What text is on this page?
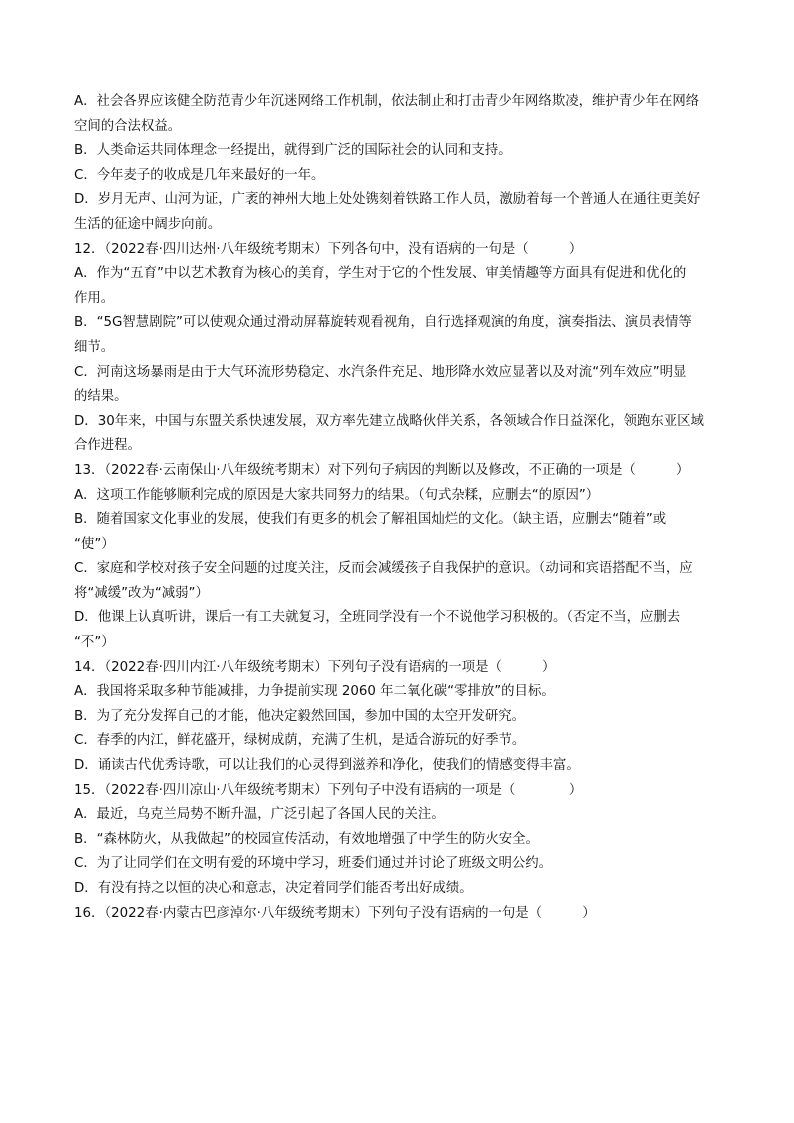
A．社会各界应该健全防范青少年沉迷网络工作机制，依法制止和打击青少年网络欺凌，维护青少年在网络
空间的合法权益。
B．人类命运共同体理念一经提出，就得到广泛的国际社会的认同和支持。
C．今年麦子的收成是几年来最好的一年。
D．岁月无声、山河为证，广袤的神州大地上处处镌刻着铁路工作人员，激励着每一个普通人在通往更美好
生活的征途中阔步向前。
12．（2022春·四川达州·八年级统考期末）下列各句中，没有语病的一句是（　　　）
A．作为“五育”中以艺术教育为核心的美育，学生对于它的个性发展、审美情趣等方面具有促进和优化的
作用。
B．“5G智慧剧院”可以使观众通过滑动屏幕旋转观看视角，自行选择观演的角度，演奏指法、演员表情等
细节。
C．河南这场暴雨是由于大气环流形势稳定、水汽条件充足、地形降水效应显著以及对流“列车效应”明显
的结果。
D．30年来，中国与东盟关系快速发展，双方率先建立战略伙伴关系，各领域合作日益深化，领跑东亚区域
合作进程。
13．（2022春·云南保山·八年级统考期末）对下列句子病因的判断以及修改，不正确的一项是（　　　）
A．这项工作能够顺利完成的原因是大家共同努力的结果。（句式杂糅，应删去“的原因”）
B．随着国家文化事业的发展，使我们有更多的机会了解祖国灿烂的文化。（缺主语，应删去“随着”或
“使”）
C．家庭和学校对孩子安全问题的过度关注，反而会减缓孩子自我保护的意识。（动词和宾语搭配不当，应
将“减缓”改为“减弱”）
D．他课上认真听讲，课后一有工夫就复习，全班同学没有一个不说他学习积极的。（否定不当，应删去
“不”）
14．（2022春·四川内江·八年级统考期末）下列句子没有语病的一项是（　　　）
A．我国将采取多种节能减排，力争提前实现 2060 年二氧化碳“零排放”的目标。
B．为了充分发挥自己的才能，他决定毅然回国，参加中国的太空开发研究。
C．春季的内江，鲜花盛开，绿树成荫，充满了生机，是适合游玩的好季节。
D．诵读古代优秀诗歌，可以让我们的心灵得到滋养和净化，使我们的情感变得丰富。
15．（2022春·四川凉山·八年级统考期末）下列句子中没有语病的一项是（　　　　）
A．最近，乌克兰局势不断升温，广泛引起了各国人民的关注。
B．“森林防火，从我做起”的校园宣传活动，有效地增强了中学生的防火安全。
C．为了让同学们在文明有爱的环境中学习，班委们通过并讨论了班级文明公约。
D．有没有持之以恒的决心和意志，决定着同学们能否考出好成绩。
16．（2022春·内蒙古巴彦淖尔·八年级统考期末）下列句子没有语病的一句是（　　　）
